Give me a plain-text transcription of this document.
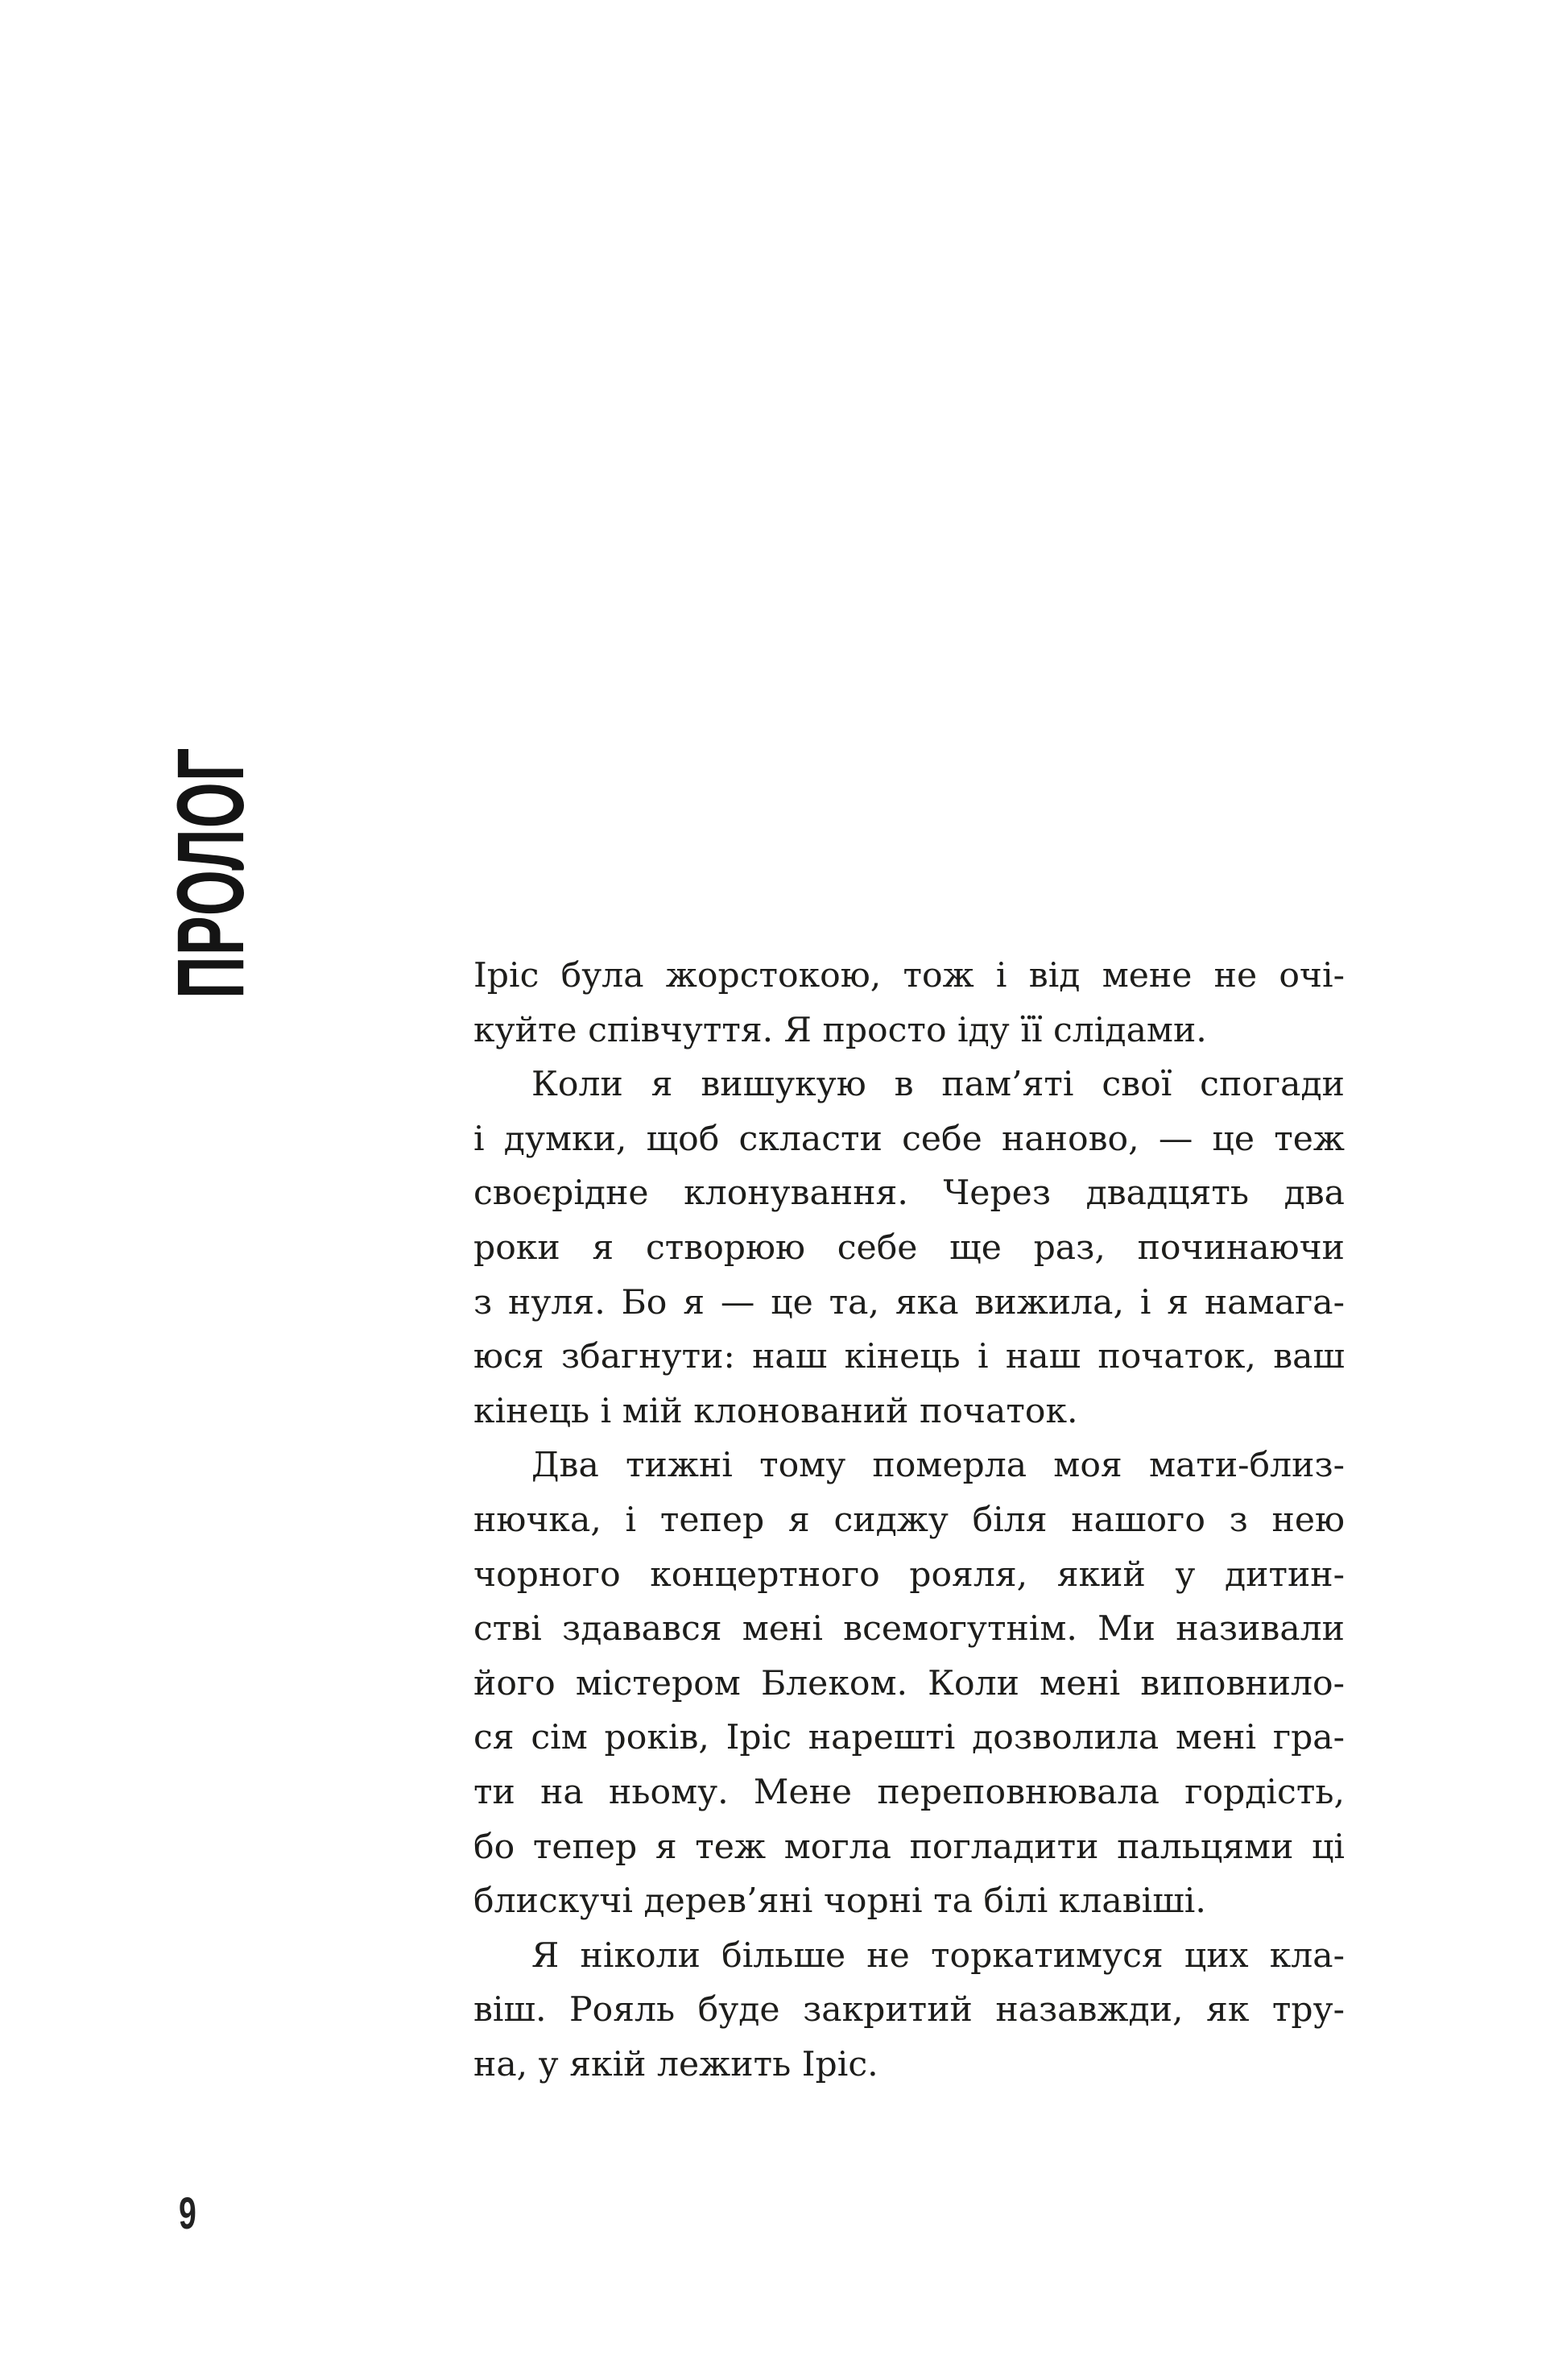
ПРОЛОГ	Іріс була жорстокою, тож і від мене не очі-
куйте співчуття. Я просто іду її слідами.
Коли я вишукую в пам’яті свої спогади
і думки, щоб скласти себе наново, — це теж
своєрідне клонування. Через двадцять два
роки я створюю себе ще раз, починаючи
з нуля. Бо я — це та, яка вижила, і я намага-
юся збагнути: наш кінець і наш початок, ваш
кінець і мій клонований початок.
Два тижні тому померла моя мати-близ-
нючка, і тепер я сиджу біля нашого з нею
чорного концертного рояля, який у дитин-
стві здавався мені всемогутнім. Ми називали
його містером Блеком. Коли мені виповнило-
ся сім років, Іріс нарешті дозволила мені гра-
ти на ньому. Мене переповнювала гордість,
бо тепер я теж могла погладити пальцями ці
блискучі дерев’яні чорні та білі клавіші.
Я ніколи більше не торкатимуся цих кла-
віш. Рояль буде закритий назавжди, як тру-
на, у якій лежить Іріс.
9
